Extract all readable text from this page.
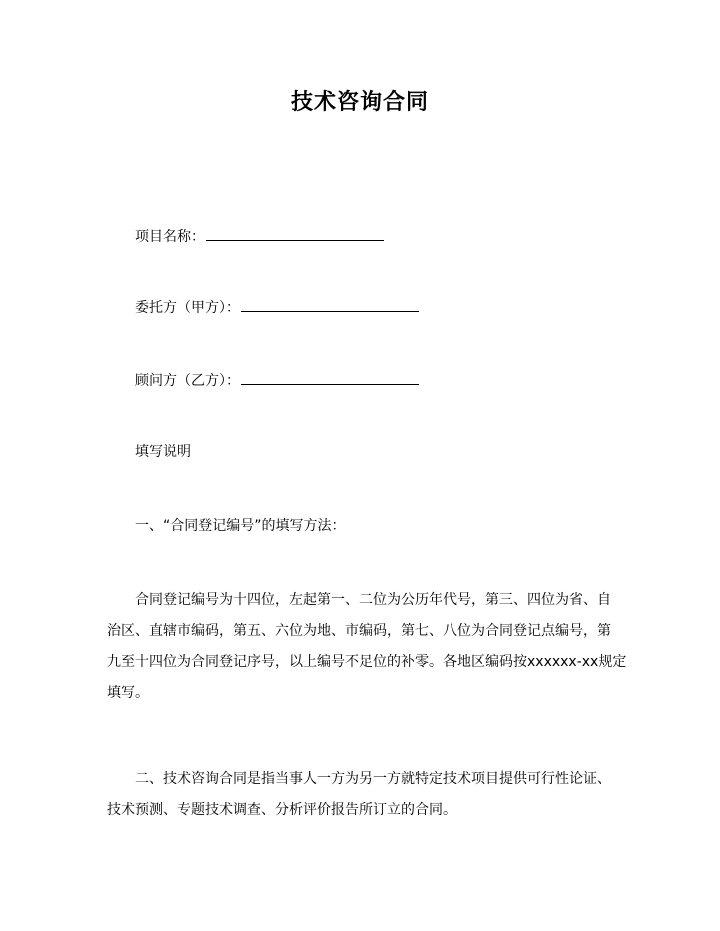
技术咨询合同
项目名称：
委托方（甲方）：
顾问方（乙方）：
填写说明
一、“合同登记编号”的填写方法：
合同登记编号为十四位，左起第一、二位为公历年代号，第三、四位为省、自
治区、直辖市编码，第五、六位为地、市编码，第七、八位为合同登记点编号，第
九至十四位为合同登记序号，以上编号不足位的补零。各地区编码按xxxxxx-xx规定
填写。
二、技术咨询合同是指当事人一方为另一方就特定技术项目提供可行性论证、
技术预测、专题技术调查、分析评价报告所订立的合同。
